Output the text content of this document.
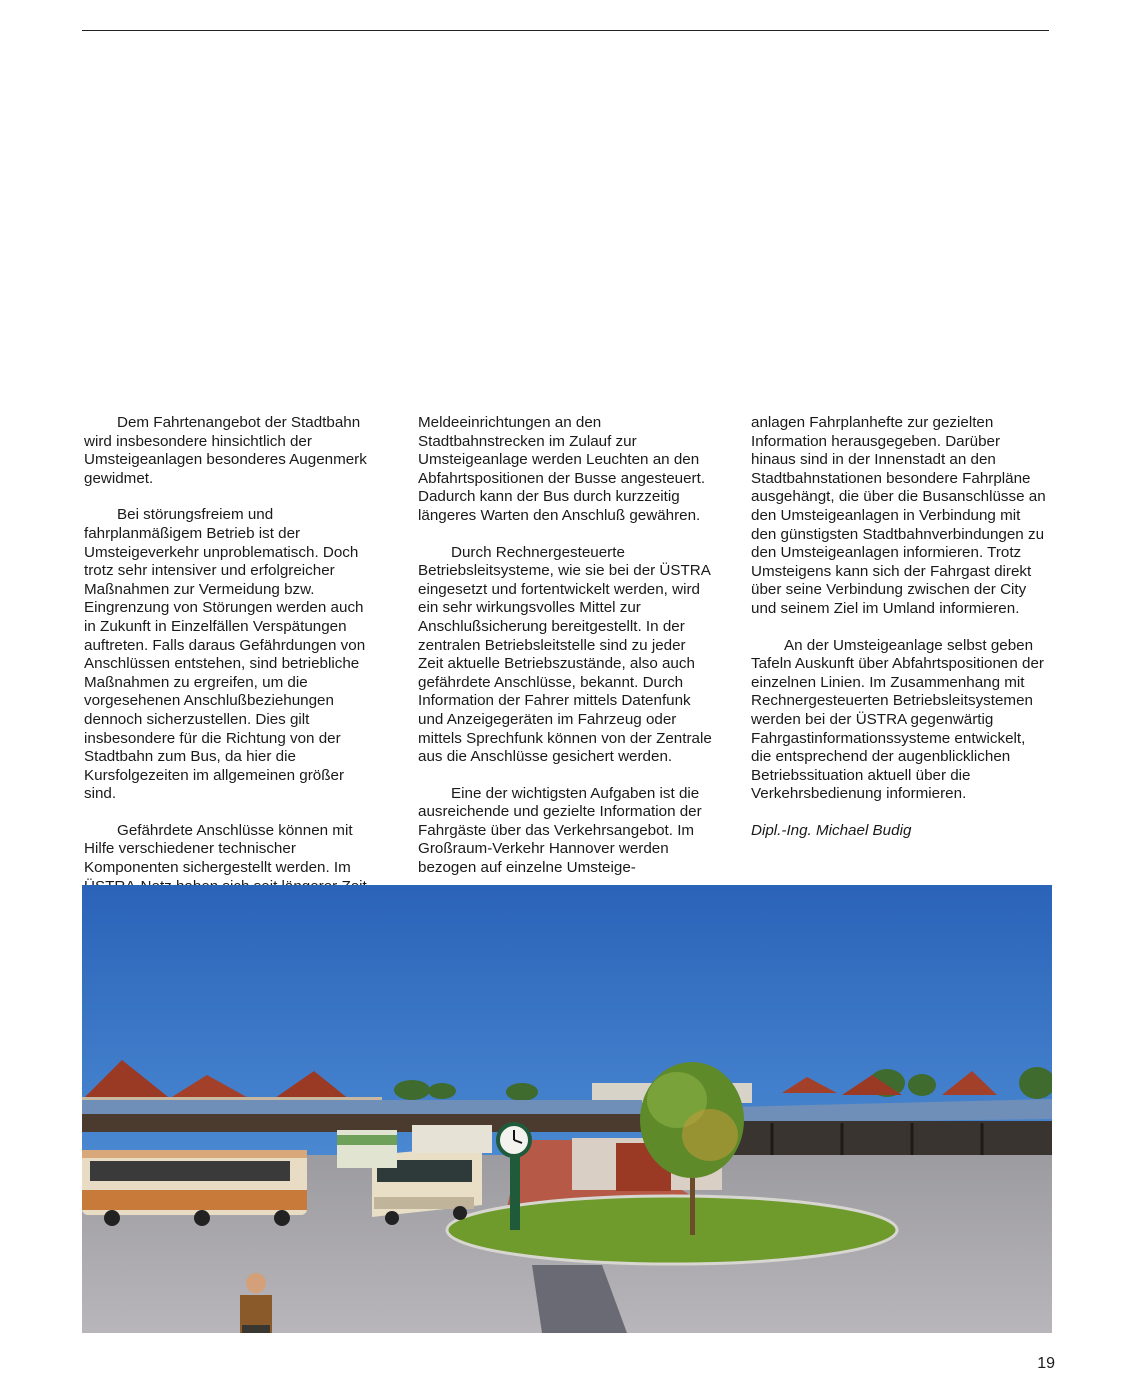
Dem Fahrtenangebot der Stadtbahn wird insbesondere hinsichtlich der Umsteigeanlagen besonderes Augenmerk gewidmet.

Bei störungsfreiem und fahrplanmäßigem Betrieb ist der Umsteigeverkehr unproblematisch. Doch trotz sehr intensiver und erfolgreicher Maßnahmen zur Vermeidung bzw. Eingrenzung von Störungen werden auch in Zukunft in Einzelfällen Verspätungen auftreten. Falls daraus Gefährdungen von Anschlüssen entstehen, sind betriebliche Maßnahmen zu ergreifen, um die vorgesehenen Anschlußbeziehungen dennoch sicherzustellen. Dies gilt insbesondere für die Richtung von der Stadtbahn zum Bus, da hier die Kursfolgezeiten im allgemeinen größer sind.

Gefährdete Anschlüsse können mit Hilfe verschiedener technischer Komponenten sichergestellt werden. Im

Meldeeinrichtungen an den Stadtbahnstrecken im Zulauf zur Umsteigeanlage werden Leuchten an den Abfahrtspositionen der Busse angesteuert. Dadurch kann der Bus durch kurzzeitig längeres Warten den Anschluß gewähren.

Durch Rechnergesteuerte Betriebsleitsysteme, wie sie bei der ÜSTRA eingesetzt und fortentwickelt werden, wird ein sehr wirkungsvolles Mittel zur Anschlußsicherung bereitgestellt. In der zentralen Betriebsleitstelle sind zu jeder Zeit aktuelle Betriebszustände, also auch gefährdete Anschlüsse, bekannt. Durch Information der Fahrer mittels Datenfunk und Anzeigegeräten im Fahrzeug oder mittels Sprechfunk können von der Zentrale aus die Anschlüsse gesichert werden.

Eine der wichtigsten Aufgaben ist die ausreichende und gezielte Information der Fahrgäste über das Verkehrsangebot. Im Großraum-Verkehr Hannover werden bezogen auf einzelne Umsteige-

anlagen Fahrplanhefte zur gezielten Information herausgegeben. Darüber hinaus sind in der Innenstadt an den Stadtbahnstationen besondere Fahrpläne ausgehängt, die über die Busanschlüsse an den Umsteigeanlagen in Verbindung mit den günstigsten Stadtbahnverbindungen zu den Umsteigeanlagen informieren. Trotz Umsteigens kann sich der Fahrgast direkt über seine Verbindung zwischen der City und seinem Ziel im Umland informieren.

An der Umsteigeanlage selbst geben Tafeln Auskunft über Abfahrtspositionen der einzelnen Linien. Im Zusammenhang mit Rechnergesteuerten Betriebsleitsystemen werden bei der ÜSTRA gegenwärtig Fahrgastinformationssysteme entwickelt, die entsprechend der augenblicklichen Betriebssituation aktuell über die Verkehrsbedienung informieren.

Dipl.-Ing. Michael Budig

19
